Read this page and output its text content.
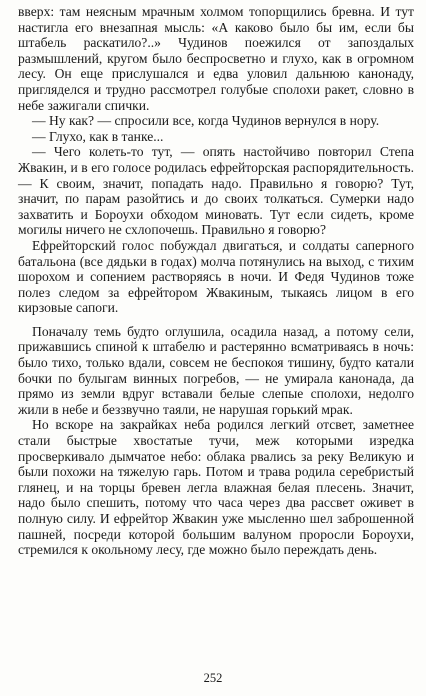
вверх: там неясным мрачным холмом топорщились бревна. И тут настигла его внезапная мысль: «А каково было бы им, если бы штабель раскатило?..» Чудинов поежился от запоздалых размышлений, кругом было беспросветно и глухо, как в огромном лесу. Он еще прислушался и едва уловил дальнюю канонаду, пригляделся и трудно рассмотрел голубые сполохи ракет, словно в небе зажигали спички.

— Ну как? — спросили все, когда Чудинов вернулся в нору.

— Глухо, как в танке...

— Чего колеть-то тут, — опять настойчиво повторил Степа Жвакин, и в его голосе родилась ефрейторская распорядительность. — К своим, значит, попадать надо. Правильно я говорю? Тут, значит, по парам разойтись и до своих толкаться. Сумерки надо захватить и Бороухи обходом миновать. Тут если сидеть, кроме могилы ничего не схлопочешь. Правильно я говорю?

Ефрейторский голос побуждал двигаться, и солдаты саперного батальона (все дядьки в годах) молча потянулись на выход, с тихим шорохом и сопением растворяясь в ночи. И Федя Чудинов тоже полез следом за ефрейтором Жвакиным, тыкаясь лицом в его кирзовые сапоги.

Поначалу темь будто оглушила, осадила назад, а потому сели, прижавшись спиной к штабелю и растерянно всматриваясь в ночь: было тихо, только вдали, совсем не беспокоя тишину, будто катали бочки по булыгам винных погребов, — не умирала канонада, да прямо из земли вдруг вставали белые слепые сполохи, недолго жили в небе и беззвучно таяли, не нарушая горький мрак.

Но вскоре на закрайках неба родился легкий отсвет, заметнее стали быстрые хвостатые тучи, меж которыми изредка просверкивало дымчатое небо: облака рвались за реку Великую и были похожи на тяжелую гарь. Потом и трава родила серебристый глянец, и на торцы бревен легла влажная белая плесень. Значит, надо было спешить, потому что часа через два рассвет оживет в полную силу. И ефрейтор Жвакин уже мысленно шел заброшенной пашней, посреди которой большим валуном проросли Бороухи, стремился к окольному лесу, где можно было переждать день.

252
